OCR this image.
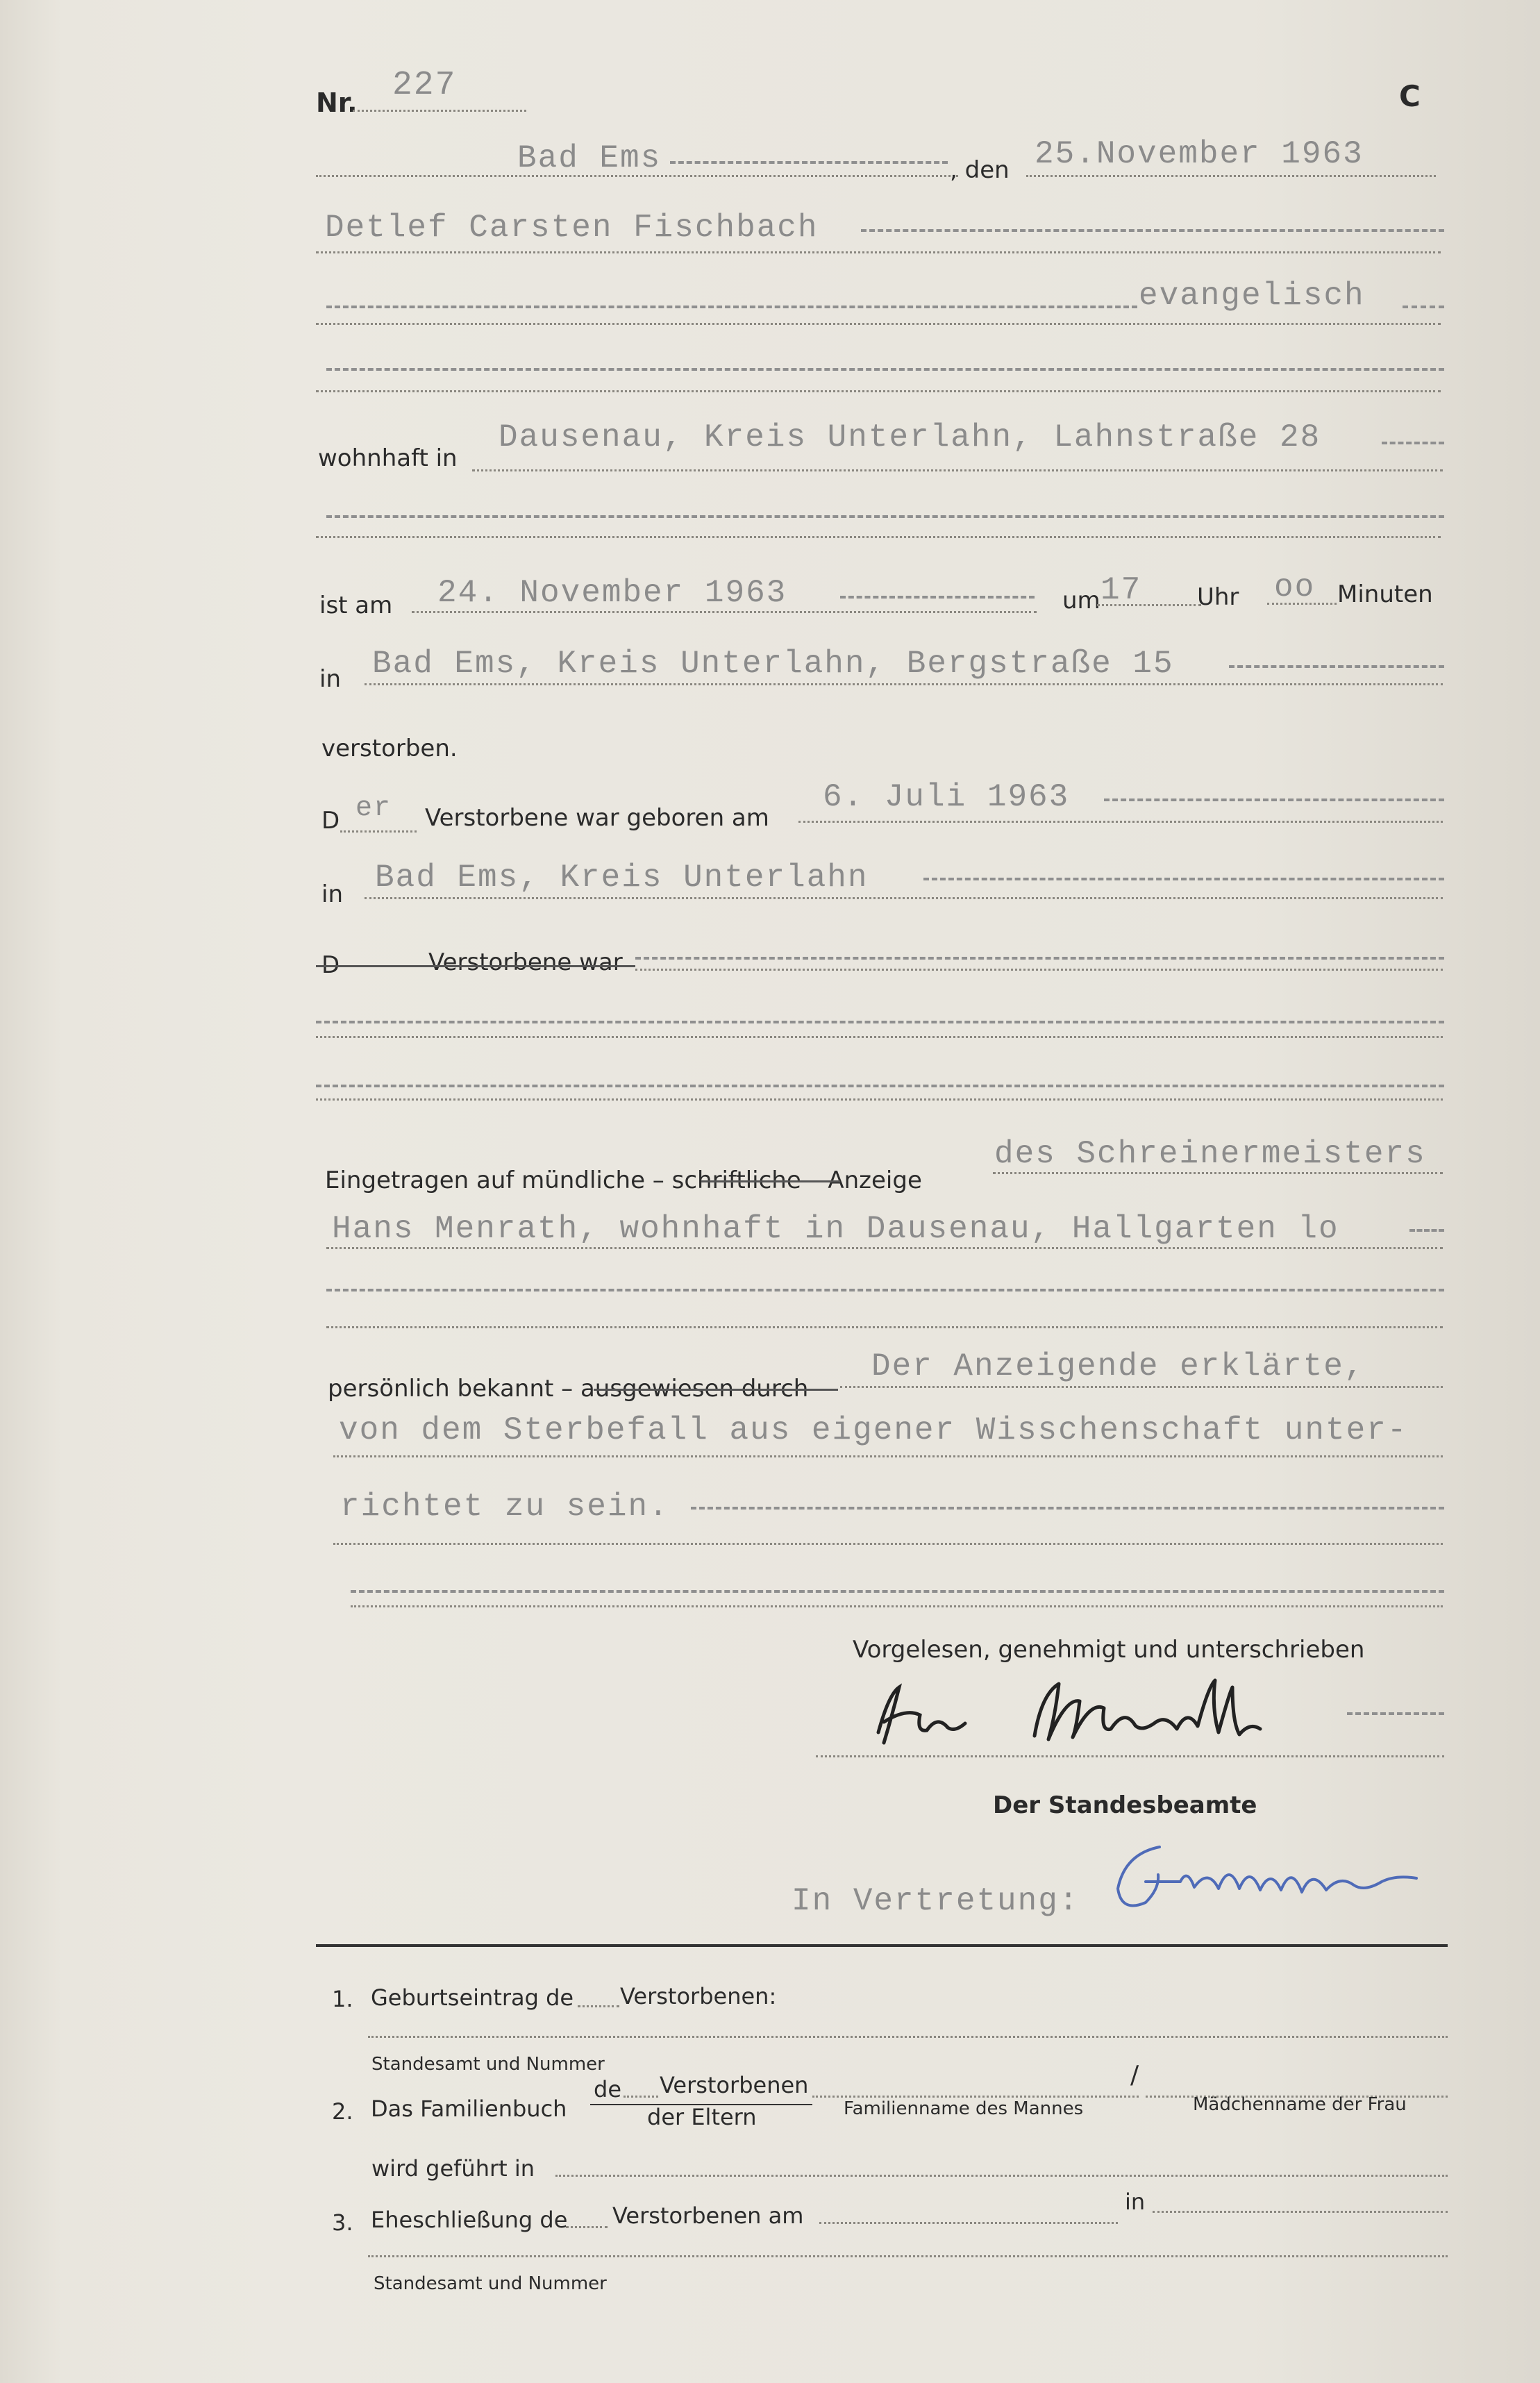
Nr. 227	C
Bad Ems	, den 25.November 1963
Detlef Carsten Fischbach
evangelisch
wohnhaft in
Dausenau, Kreis Unterlahn, Lahnstraße 28
ist am 24. November 1963	um 17 Uhr oo Minuten
in Bad Ems, Kreis Unterlahn, Bergstraße 15
verstorben.
D er Verstorbene war geboren am
6. Juli 1963
in Bad Ems, Kreis Unterlahn
D	Verstorbene war
Eingetragen auf mündliche – schriftliche – Anzeige
des Schreinermeisters
Hans Menrath, wohnhaft in Dausenau, Hallgarten lo
persönlich bekannt – ausgewiesen durch
Der Anzeigende erklärte,
von dem Sterbefall aus eigener Wisschenschaft unter-
richtet zu sein.
Vorgelesen, genehmigt und unterschrieben
Der Standesbeamte
In Vertretung:
1. Geburtseintrag de Verstorbenen:
Standesamt und Nummer
2. Das Familienbuch
de Verstorbenen
der Eltern
/
Familienname des Mannes	Mädchenname der Frau
wird geführt in
3. Eheschließung de Verstorbenen am
in
Standesamt und Nummer
